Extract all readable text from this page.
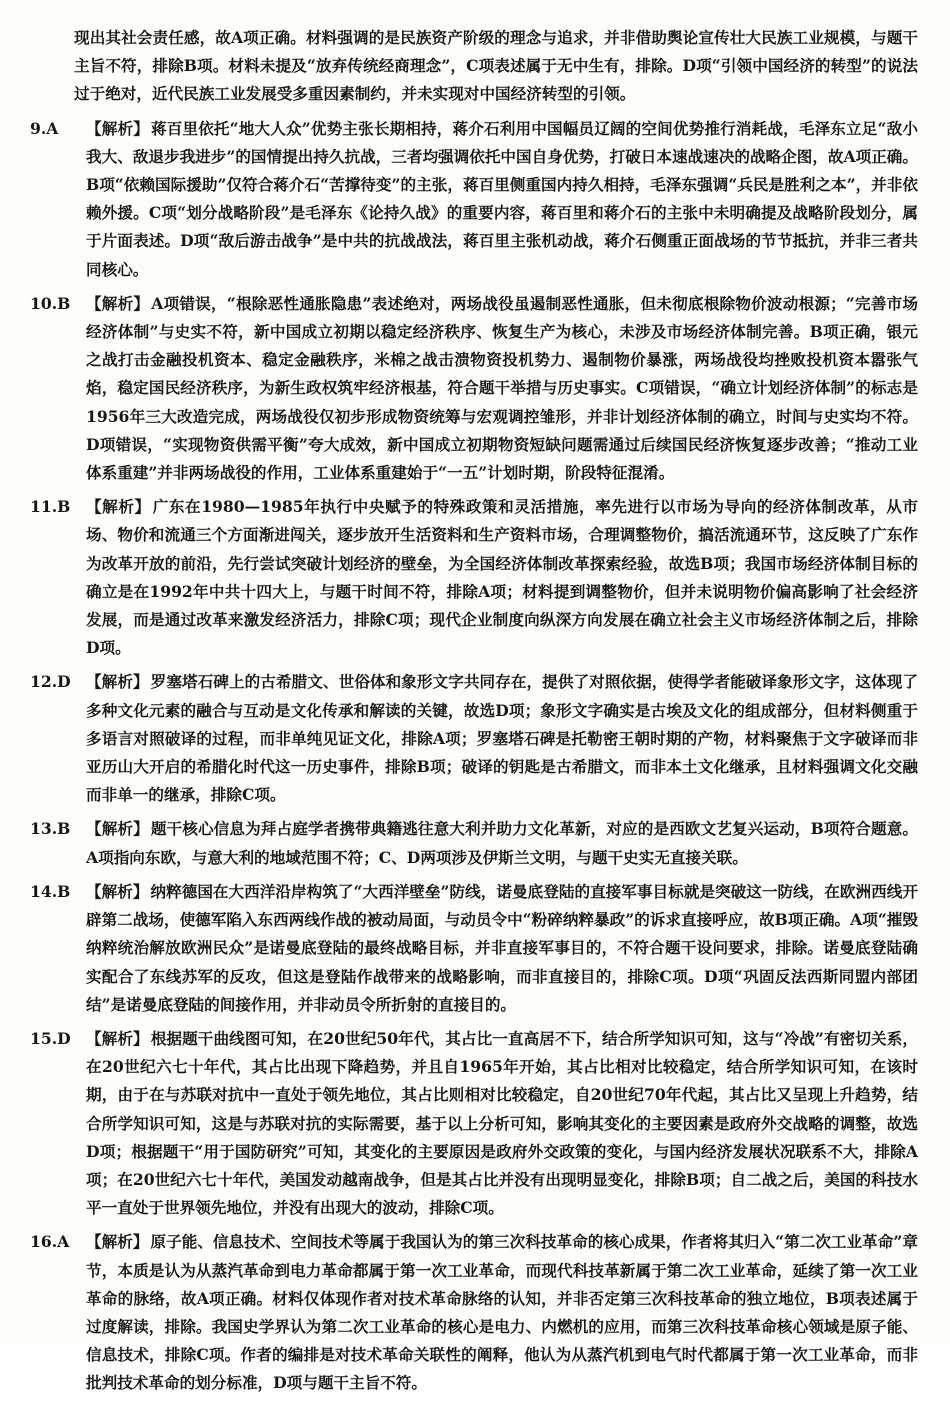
现出其社会责任感，故A项正确。材料强调的是民族资产阶级的理念与追求，并非借助舆论宣传壮大民族工业规模，与题干主旨不符，排除B项。材料未提及“放弃传统经商理念”，C项表述属于无中生有，排除。D项“引领中国经济的转型”的说法过于绝对，近代民族工业发展受多重因素制约，并未实现对中国经济转型的引领。
9.A	【解析】 蒋百里依托“地大人众”优势主张长期相持，蒋介石利用中国幅员辽阔的空间优势推行消耗战，毛泽东立足“敌小我大、敌退步我进步”的国情提出持久抗战，三者均强调依托中国自身优势，打破日本速战速决的战略企图，故A项正确。B项“依赖国际援助”仅符合蒋介石“苦撑待变”的主张，蒋百里侧重国内持久相持，毛泽东强调“兵民是胜利之本”，并非依赖外援。C项“划分战略阶段”是毛泽东《论持久战》的重要内容，蒋百里和蒋介石的主张中未明确提及战略阶段划分，属于片面表述。D项“敌后游击战争”是中共的抗战战法，蒋百里主张机动战，蒋介石侧重正面战场的节节抵抗，并非三者共同核心。
10.B	【解析】 A项错误，“根除恶性通胀隐患”表述绝对，两场战役虽遏制恶性通胀，但未彻底根除物价波动根源；“完善市场经济体制”与史实不符，新中国成立初期以稳定经济秩序、恢复生产为核心，未涉及市场经济体制完善。B项正确，银元之战打击金融投机资本、稳定金融秩序，米棉之战击溃物资投机势力、遏制物价暴涨，两场战役均挫败投机资本嚣张气焰，稳定国民经济秩序，为新生政权筑牢经济根基，符合题干举措与历史事实。C项错误，“确立计划经济体制”的标志是1956年三大改造完成，两场战役仅初步形成物资统筹与宏观调控雏形，并非计划经济体制的确立，时间与史实均不符。D项错误，“实现物资供需平衡”夸大成效，新中国成立初期物资短缺问题需通过后续国民经济恢复逐步改善；“推动工业体系重建”并非两场战役的作用，工业体系重建始于“一五”计划时期，阶段特征混淆。
11.B	【解析】 广东在1980—1985年执行中央赋予的特殊政策和灵活措施，率先进行以市场为导向的经济体制改革，从市场、物价和流通三个方面渐进闯关，逐步放开生活资料和生产资料市场，合理调整物价，搞活流通环节，这反映了广东作为改革开放的前沿，先行尝试突破计划经济的壁垒，为全国经济体制改革探索经验，故选B项；我国市场经济体制目标的确立是在1992年中共十四大上，与题干时间不符，排除A项；材料提到调整物价，但并未说明物价偏高影响了社会经济发展，而是通过改革来激发经济活力，排除C项；现代企业制度向纵深方向发展在确立社会主义市场经济体制之后，排除D项。
12.D 【解析】 罗塞塔石碑上的古希腊文、世俗体和象形文字共同存在，提供了对照依据，使得学者能破译象形文字，这体现了多种文化元素的融合与互动是文化传承和解读的关键，故选D项；象形文字确实是古埃及文化的组成部分，但材料侧重于多语言对照破译的过程，而非单纯见证文化，排除A项；罗塞塔石碑是托勒密王朝时期的产物，材料聚焦于文字破译而非亚历山大开启的希腊化时代这一历史事件，排除B项；破译的钥匙是古希腊文，而非本土文化继承，且材料强调文化交融而非单一的继承，排除C项。
13.B	【解析】 题干核心信息为拜占庭学者携带典籍逃往意大利并助力文化革新，对应的是西欧文艺复兴运动，B项符合题意。A项指向东欧，与意大利的地域范围不符；C、D两项涉及伊斯兰文明，与题干史实无直接关联。
14.B	【解析】 纳粹德国在大西洋沿岸构筑了“大西洋壁垒”防线，诺曼底登陆的直接军事目标就是突破这一防线，在欧洲西线开辟第二战场，使德军陷入东西两线作战的被动局面，与动员令中“粉碎纳粹暴政”的诉求直接呼应，故B项正确。A项“摧毁纳粹统治解放欧洲民众”是诺曼底登陆的最终战略目标，并非直接军事目的，不符合题干设问要求，排除。诺曼底登陆确实配合了东线苏军的反攻，但这是登陆作战带来的战略影响，而非直接目的，排除C项。D项“巩固反法西斯同盟内部团结”是诺曼底登陆的间接作用，并非动员令所折射的直接目的。
15.D 【解析】 根据题干曲线图可知，在20世纪50年代，其占比一直高居不下，结合所学知识可知，这与“冷战”有密切关系，在20世纪六七十年代，其占比出现下降趋势，并且自1965年开始，其占比相对比较稳定，结合所学知识可知，在该时期，由于在与苏联对抗中一直处于领先地位，其占比则相对比较稳定，自20世纪70年代起，其占比又呈现上升趋势，结合所学知识可知，这是与苏联对抗的实际需要，基于以上分析可知，影响其变化的主要因素是政府外交战略的调整，故选D项；根据题干“用于国防研究”可知，其变化的主要原因是政府外交政策的变化，与国内经济发展状况联系不大，排除A项；在20世纪六七十年代，美国发动越南战争，但是其占比并没有出现明显变化，排除B项；自二战之后，美国的科技水平一直处于世界领先地位，并没有出现大的波动，排除C项。
16.A	【解析】 原子能、信息技术、空间技术等属于我国认为的第三次科技革命的核心成果，作者将其归入“第二次工业革命”章节，本质是认为从蒸汽革命到电力革命都属于第一次工业革命，而现代科技革新属于第二次工业革命，延续了第一次工业革命的脉络，故A项正确。材料仅体现作者对技术革命脉络的认知，并非否定第三次科技革命的独立地位，B项表述属于过度解读，排除。我国史学界认为第二次工业革命的核心是电力、内燃机的应用，而第三次科技革命核心领域是原子能、信息技术，排除C项。作者的编排是对技术革命关联性的阐释，他认为从蒸汽机到电气时代都属于第一次工业革命，而非批判技术革命的划分标准，D项与题干主旨不符。
